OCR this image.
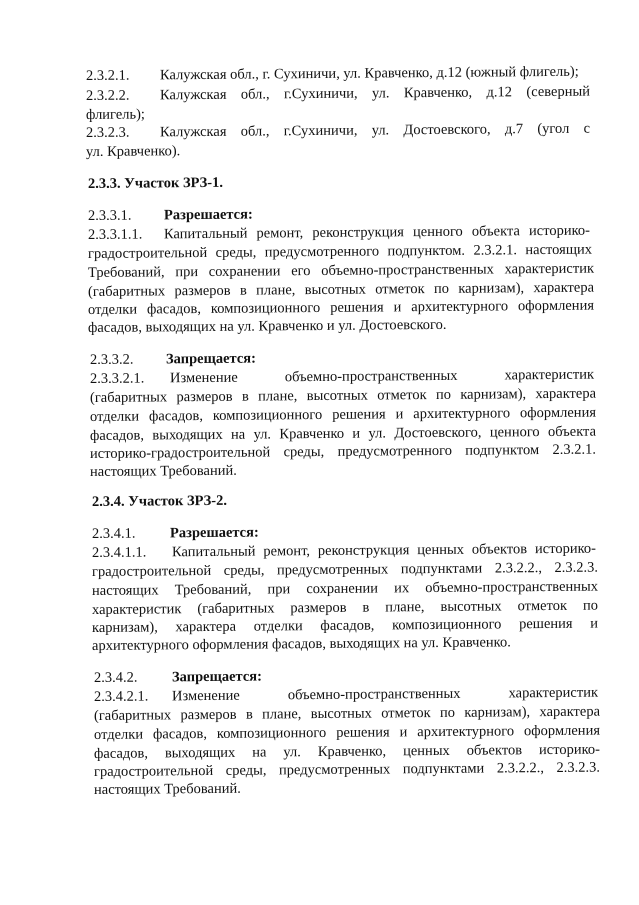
2.3.2.1. Калужская обл., г. Сухиничи, ул. Кравченко, д.12 (южный флигель);
2.3.2.2.	Калужская обл., г.Сухиничи, ул. Кравченко, д.12 (северный
флигель);
2.3.2.3.	Калужская обл., г.Сухиничи, ул. Достоевского, д.7 (угол с
ул. Кравченко).
2.3.3. Участок ЗРЗ-1.
2.3.3.1. Разрешается:
2.3.3.1.1.	Капитальный ремонт, реконструкция ценного объекта историко-
градостроительной среды, предусмотренного подпунктом. 2.3.2.1. настоящих
Требований, при сохранении его объемно-пространственных характеристик
(габаритных размеров в плане, высотных отметок по карнизам), характера
отделки фасадов, композиционного решения и архитектурного оформления
фасадов, выходящих на ул. Кравченко и ул. Достоевского.
2.3.3.2. Запрещается:
2.3.3.2.1.	Изменение объемно-пространственных характеристик
(габаритных размеров в плане, высотных отметок по карнизам), характера
отделки фасадов, композиционного решения и архитектурного оформления
фасадов, выходящих на ул. Кравченко и ул. Достоевского, ценного объекта
историко-градостроительной среды, предусмотренного подпунктом 2.3.2.1.
настоящих Требований.
2.3.4. Участок ЗРЗ-2.
2.3.4.1. Разрешается:
2.3.4.1.1.	Капитальный ремонт, реконструкция ценных объектов историко-
градостроительной среды, предусмотренных подпунктами 2.3.2.2., 2.3.2.3.
настоящих Требований, при сохранении их объемно-пространственных
характеристик (габаритных размеров в плане, высотных отметок по
карнизам), характера отделки фасадов, композиционного решения и
архитектурного оформления фасадов, выходящих на ул. Кравченко.
2.3.4.2. Запрещается:
2.3.4.2.1.	Изменение объемно-пространственных характеристик
(габаритных размеров в плане, высотных отметок по карнизам), характера
отделки фасадов, композиционного решения и архитектурного оформления
фасадов, выходящих на ул. Кравченко, ценных объектов историко-
градостроительной среды, предусмотренных подпунктами 2.3.2.2., 2.3.2.3.
настоящих Требований.
